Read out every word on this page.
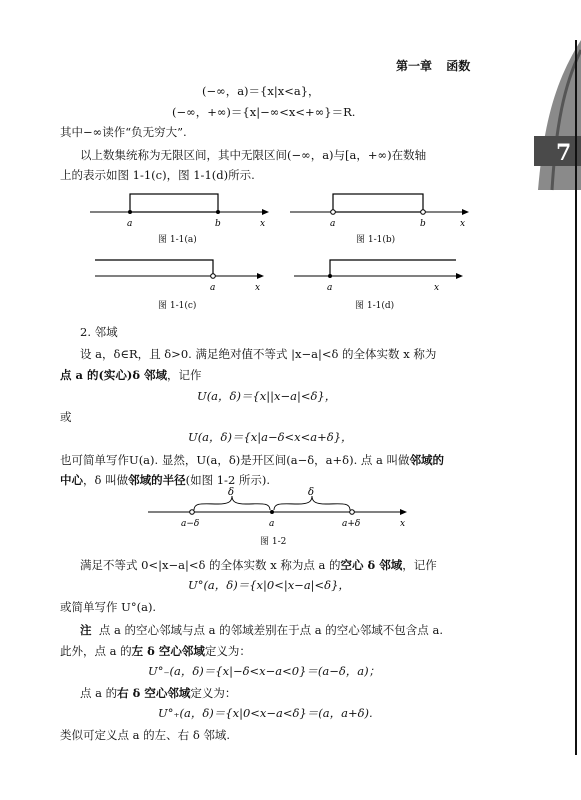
第一章 函数
7
(−∞，a)＝{x|x<a}，
(−∞，+∞)＝{x|−∞<x<+∞}＝R.
其中−∞读作“负无穷大”.
以上数集统称为无限区间，其中无限区间(−∞，a)与[a，+∞)在数轴
上的表示如图 1-1(c)，图 1-1(d)所示.
a	b	x
图 1-1(a)
a	b	x
图 1-1(b)
a	x
图 1-1(c)
a	x
图 1-1(d)
2. 邻域
设 a，δ∈R，且 δ>0. 满足绝对值不等式 |x−a|<δ 的全体实数 x 称为
点 a 的(实心)δ 邻域，记作
U(a，δ)＝{x||x−a|<δ}，
或
U(a，δ)＝{x|a−δ<x<a+δ}，
也可简单写作U(a). 显然，U(a，δ)是开区间(a−δ，a+δ). 点 a 叫做邻域的
中心，δ 叫做邻域的半径(如图 1-2 所示).
δ	δ
a−δ	a	a+δ	x
图 1-2
满足不等式 0<|x−a|<δ 的全体实数 x 称为点 a 的空心 δ 邻域，记作
U°(a，δ)＝{x|0<|x−a|<δ}，
或简单写作 U°(a).
注 点 a 的空心邻域与点 a 的邻域差别在于点 a 的空心邻域不包含点 a.
此外，点 a 的左 δ 空心邻域定义为：
U°₋(a，δ)＝{x|−δ<x−a<0}＝(a−δ，a)；
点 a 的右 δ 空心邻域定义为：
U°₊(a，δ)＝{x|0<x−a<δ}＝(a，a+δ).
类似可定义点 a 的左、右 δ 邻域.
